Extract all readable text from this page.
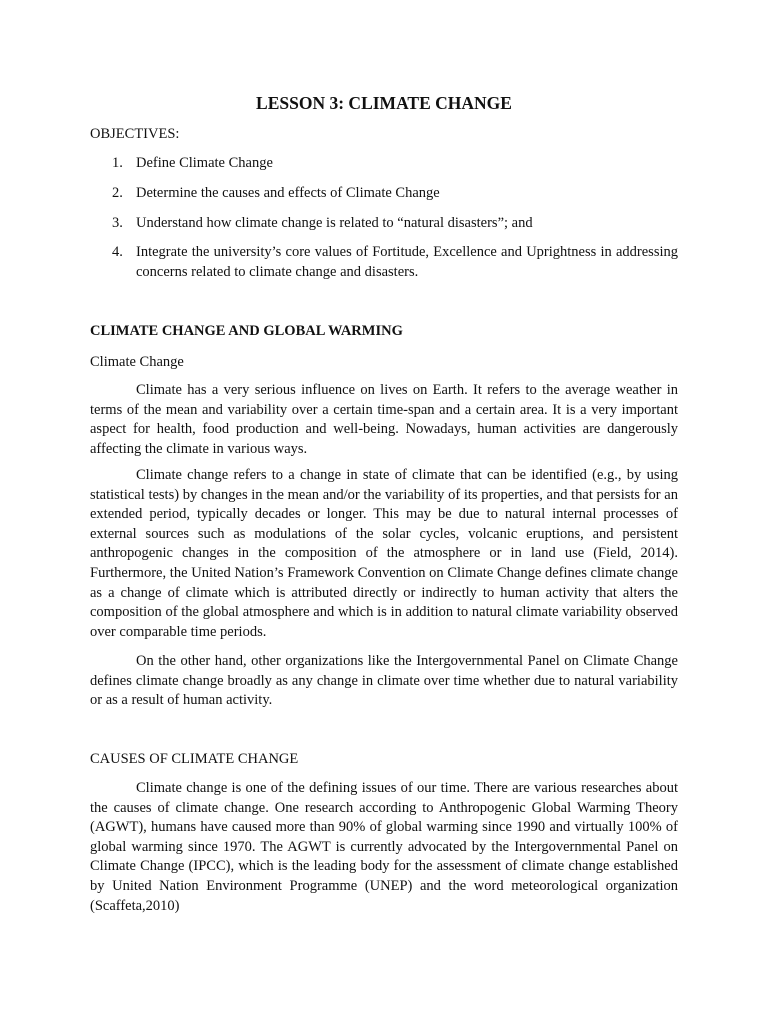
LESSON 3: CLIMATE CHANGE
OBJECTIVES:
1. Define Climate Change
2. Determine the causes and effects of Climate Change
3. Understand how climate change is related to “natural disasters”; and
4. Integrate the university’s core values of Fortitude, Excellence and Uprightness in addressing concerns related to climate change and disasters.
CLIMATE CHANGE AND GLOBAL WARMING
Climate Change

Climate has a very serious influence on lives on Earth. It refers to the average weather in terms of the mean and variability over a certain time-span and a certain area. It is a very important aspect for health, food production and well-being. Nowadays, human activities are dangerously affecting the climate in various ways.

Climate change refers to a change in state of climate that can be identified (e.g., by using statistical tests) by changes in the mean and/or the variability of its properties, and that persists for an extended period, typically decades or longer. This may be due to natural internal processes of external sources such as modulations of the solar cycles, volcanic eruptions, and persistent anthropogenic changes in the composition of the atmosphere or in land use (Field, 2014). Furthermore, the United Nation’s Framework Convention on Climate Change defines climate change as a change of climate which is attributed directly or indirectly to human activity that alters the composition of the global atmosphere and which is in addition to natural climate variability observed over comparable time periods.

On the other hand, other organizations like the Intergovernmental Panel on Climate Change defines climate change broadly as any change in climate over time whether due to natural variability or as a result of human activity.

CAUSES OF CLIMATE CHANGE

Climate change is one of the defining issues of our time. There are various researches about the causes of climate change. One research according to Anthropogenic Global Warming Theory (AGWT), humans have caused more than 90% of global warming since 1990 and virtually 100% of global warming since 1970. The AGWT is currently advocated by the Intergovernmental Panel on Climate Change (IPCC), which is the leading body for the assessment of climate change established by United Nation Environment Programme (UNEP) and the word meteorological organization (Scaffeta,2010)
